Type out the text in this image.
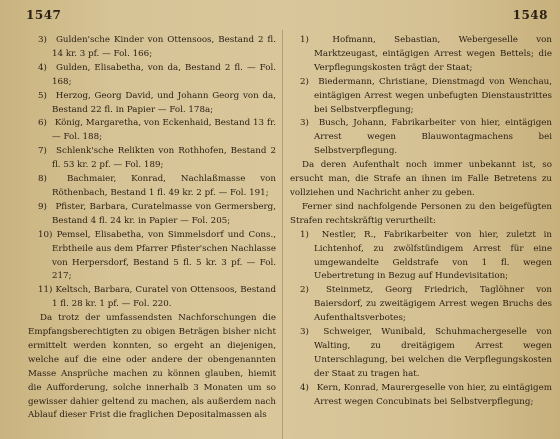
1547	1548

3) Gulden'sche Kinder von Ottensoos, Bestand 2 fl. 14 kr. 3 pf. — Fol. 166;

4) Gulden, Elisabetha, von da, Bestand 2 fl. — Fol. 168;

5) Herzog, Georg David, und Johann Georg von da, Bestand 22 fl. in Papier — Fol. 178a;

6) König, Margaretha, von Eckenhaid, Bestand 13 fr. — Fol. 188;

7) Schlenk'sche Relikten von Rothhofen, Bestand 2 fl. 53 kr. 2 pf. — Fol. 189;

8) Bachmaier, Konrad, Nachlaßmasse von Röthenbach, Bestand 1 fl. 49 kr. 2 pf. — Fol. 191;

9) Pfister, Barbara, Curatelmasse von Germersberg, Bestand 4 fl. 24 kr. in Papier — Fol. 205;

10) Pemsel, Elisabetha, von Simmelsdorf und Cons., Erbtheile aus dem Pfarrer Pfister'schen Nachlasse von Herpersdorf, Bestand 5 fl. 5 kr. 3 pf. — Fol. 217;

11) Keltsch, Barbara, Curatel von Ottensoos, Bestand 1 fl. 28 kr. 1 pf. — Fol. 220.

Da trotz der umfassendsten Nachforschungen die Empfangsberechtigten zu obigen Beträgen bisher nicht ermittelt werden konnten, so ergeht an diejenigen, welche auf die eine oder andere der obengenannten Masse Ansprüche machen zu können glauben, hiemit die Aufforderung, solche innerhalb 3 Monaten um so gewisser dahier geltend zu machen, als außerdem nach Ablauf dieser Frist die fraglichen Depositalmassen als

1)	Hofmann, Sebastian, Webergeselle von Marktzeugast, eintägigen Arrest wegen Bettels; die Verpflegungskosten trägt der Staat;

2) Biedermann, Christiane, Dienstmagd von Wenchau, eintägigen Arrest wegen unbefugten Dienstaustrittes bei Selbstverpflegung;

3) Busch, Johann, Fabrikarbeiter von hier, eintägigen Arrest wegen Blauwontagmachens bei Selbstverpflegung.

Da deren Aufenthalt noch immer unbekannt ist, so ersucht man, die Strafe an ihnen im Falle Betretens zu vollziehen und Nachricht anher zu geben.

Ferner sind nachfolgende Personen zu den beigefügten Strafen rechtskräftig verurtheilt:

1) Nestler, R., Fabrikarbeiter von hier, zuletzt in Lichtenhof, zu zwölfstündigem Arrest für eine umgewandelte Geldstrafe von 1 fl. wegen Uebertretung in Bezug auf Hundevisitation;

2) Steinmetz, Georg Friedrich, Taglöhner von Baiersdorf, zu zweitägigem Arrest wegen Bruchs des Aufenthaltsverbotes;

3) Schweiger, Wunibald, Schuhmachergeselle von Walting, zu dreitägigem Arrest wegen Unterschlagung, bei welchen die Verpflegungskosten der Staat zu tragen hat.

4) Kern, Konrad, Maurergeselle von hier, zu eintägigem Arrest wegen Concubinats bei Selbstverpflegung;
